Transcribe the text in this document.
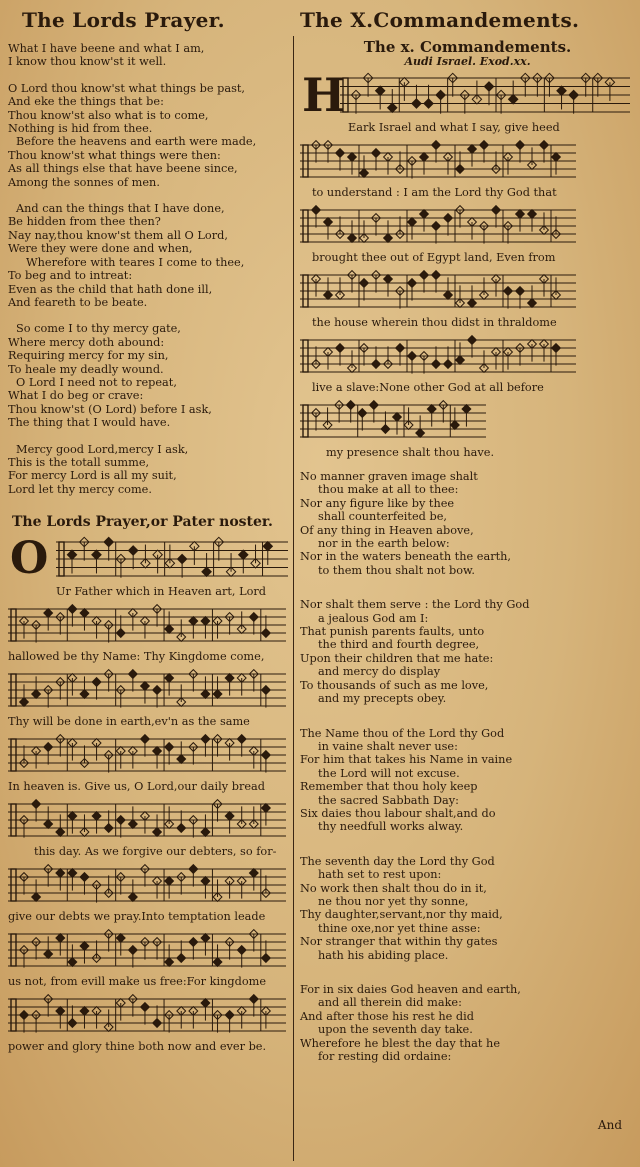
The Lords Prayer.
What I have beene and what I am,
I know thou know'st it well.
O Lord thou know'st what things be past,
And eke the things that be:
Thou know'st also what is to come,
Nothing is hid from thee.
Before the heavens and earth were made,
Thou know'st what things were then:
As all things else that have beene since,
Among the sonnes of men.
And can the things that I have done,
Be hidden from thee then?
Nay nay,thou know'st them all O Lord,
Were they were done and when,
Wherefore with teares I come to thee,
To beg and to intreat:
Even as the child that hath done ill,
And feareth to be beate.
So come I to thy mercy gate,
Where mercy doth abound:
Requiring mercy for my sin,
To heale my deadly wound.
O Lord I need not to repeat,
What I do beg or crave:
Thou know'st (O Lord) before I ask,
The thing that I would have.
Mercy good Lord,mercy I ask,
This is the totall summe,
For mercy Lord is all my suit,
Lord let thy mercy come.
The Lords Prayer,or Pater noster.
O
Ur Father which in Heaven art, Lord
hallowed be thy Name: Thy Kingdome come,
Thy will be done in earth,ev'n as the same
In heaven is. Give us, O Lord,our daily bread
this day. As we forgive our debters, so for-
give our debts we pray.Into temptation leade
us not, from evill make us free:For kingdome
power and glory thine both now and ever be.
The X.Commandements.
The x. Commandements.
Audi Israel. Exod.xx.
H
Eark Israel and what I say, give heed
to understand : I am the Lord thy God that
brought thee out of Egypt land, Even from
the house wherein thou didst in thraldome
live a slave:None other God at all before
my presence shalt thou have.
No manner graven image shalt
thou make at all to thee:
Nor any figure like by thee
shall counterfeited be,
Of any thing in Heaven above,
nor in the earth below:
Nor in the waters beneath the earth,
to them thou shalt not bow.
Nor shalt them serve : the Lord thy God
a jealous God am I:
That punish parents faults, unto
the third and fourth degree,
Upon their children that me hate:
and mercy do display
To thousands of such as me love,
and my precepts obey.
The Name thou of the Lord thy God
in vaine shalt never use:
For him that takes his Name in vaine
the Lord will not excuse.
Remember that thou holy keep
the sacred Sabbath Day:
Six daies thou labour shalt,and do
thy needfull works alway.
The seventh day the Lord thy God
hath set to rest upon:
No work then shalt thou do in it,
ne thou nor yet thy sonne,
Thy daughter,servant,nor thy maid,
thine oxe,nor yet thine asse:
Nor stranger that within thy gates
hath his abiding place.
For in six daies God heaven and earth,
and all therein did make:
And after those his rest he did
upon the seventh day take.
Wherefore he blest the day that he
for resting did ordaine:
And
